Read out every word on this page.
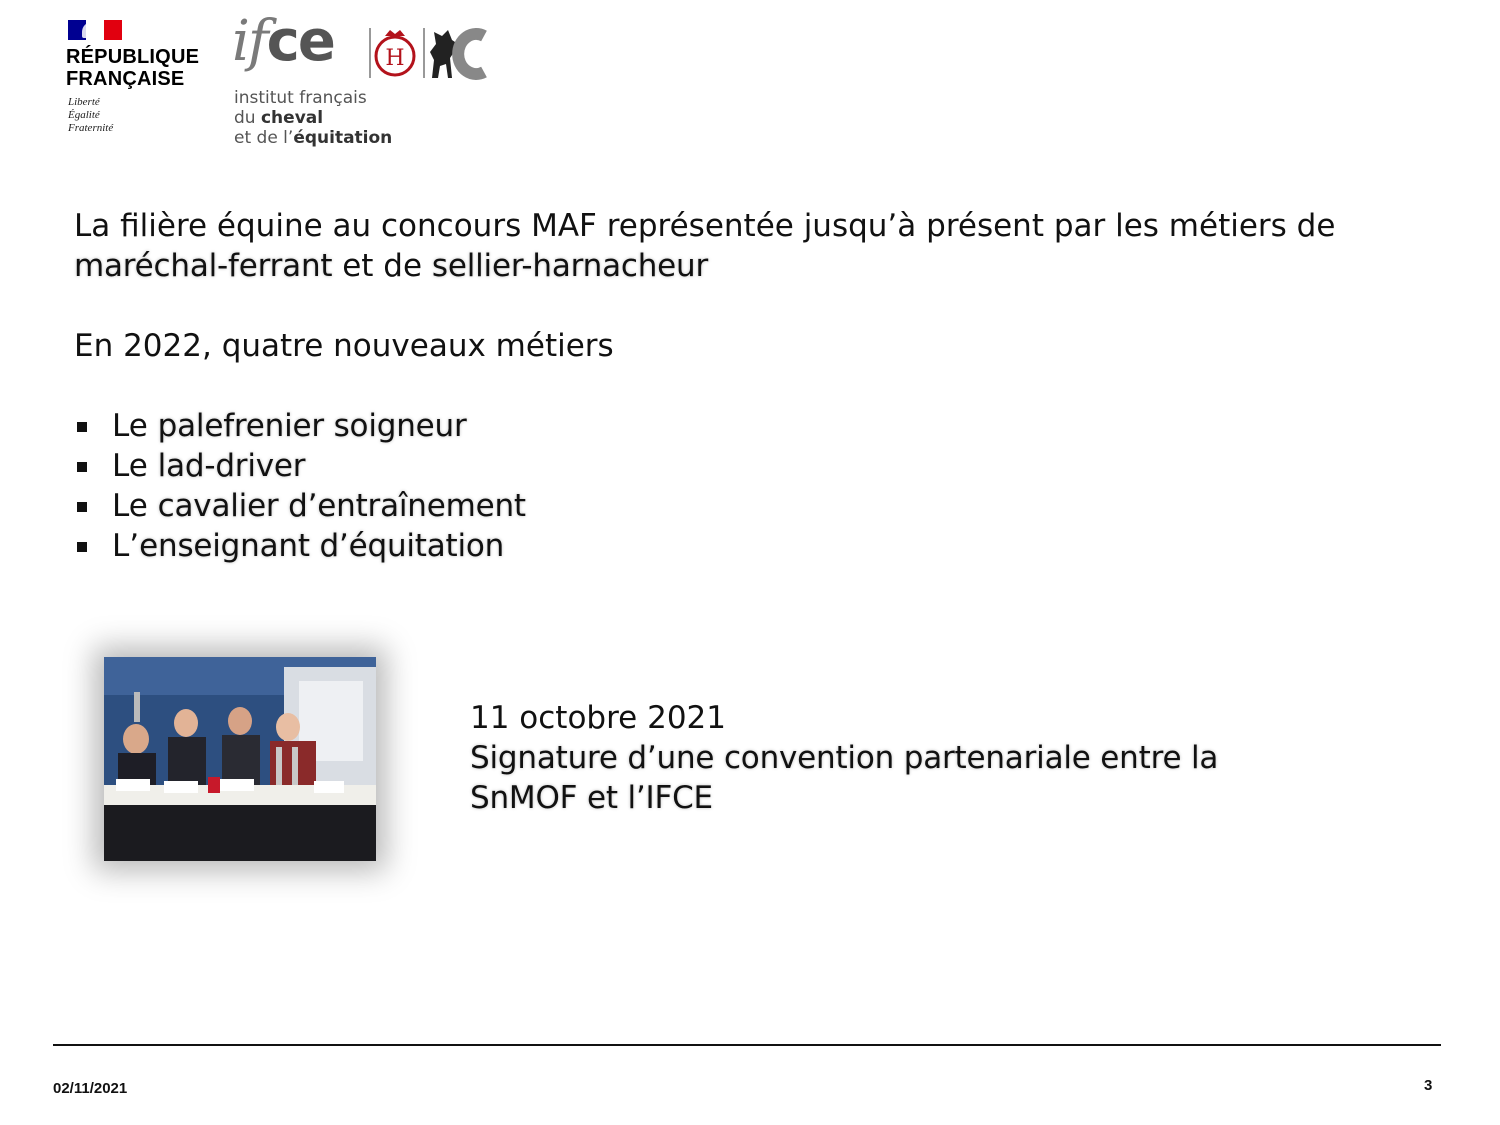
RÉPUBLIQUE
FRANÇAISE
Liberté
Égalité
Fraternité
ifce H
institut français
du cheval
et de l’équitation
La filière équine au concours MAF représentée jusqu’à présent par les métiers de
maréchal-ferrant et de sellier-harnacheur
En 2022, quatre nouveaux métiers
Le palefrenier soigneur
Le lad-driver
Le cavalier d’entraînement
L’enseignant d’équitation
11 octobre 2021
Signature d’une convention partenariale entre la
SnMOF et l’IFCE
02/11/2021	3
